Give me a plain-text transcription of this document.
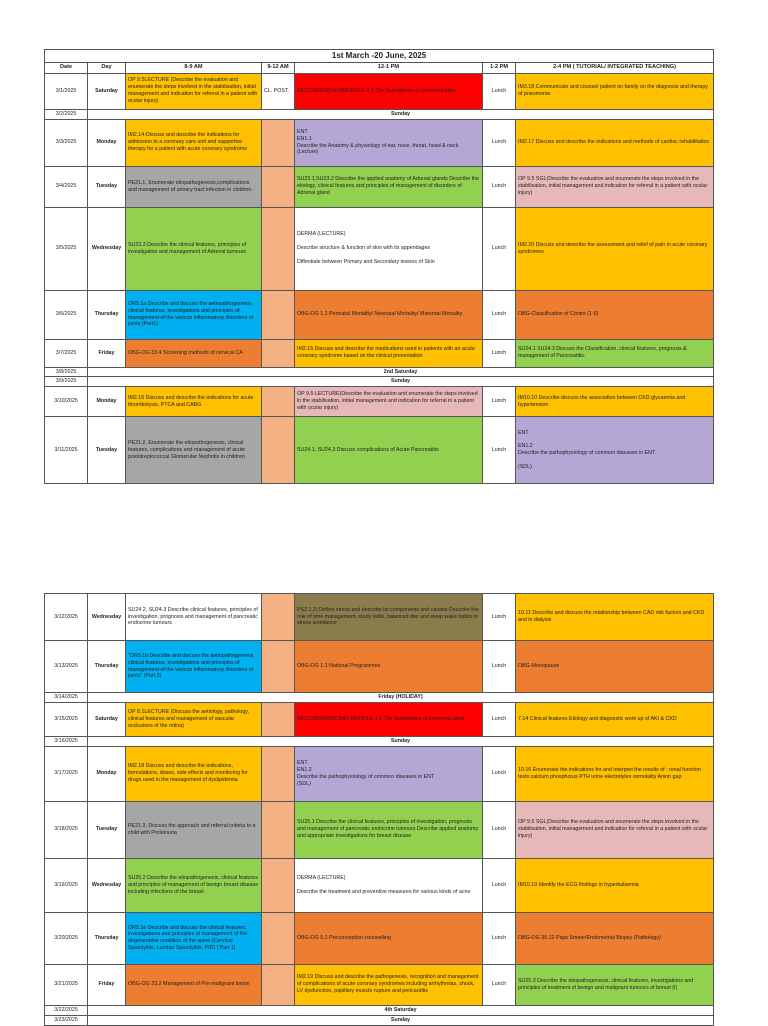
1st March -20 June, 2025						
Date	Day	8-9 AM	9-12 AM	12-1 PM	1-2 PM	2-4 PM ( TUTORIAL/ INTEGRATED TEACHING)
3/1/2025	Saturday	OP 9.5LECTURE (Describe the evaluation and enumerate the steps involved in the stabilisation, initial management and indication for referral in a patient with ocular injury)	CL. POST.	AETCOM(ORTHO)MODULE 4.1 The foundations of communication	Lunch	IM3.18 Communicate and counsel patient on family on the diagnosis and therapy of pneumonia
3/2/2025	Sunday					
3/3/2025	Monday	IM2.14-Discuss and describe the indications for admission to a coronary care unit and supportive therapy for a patient with acute coronary syndrome		ENT
EN1.1
Describe the Anatomy & physiology of ear, nose, throat, head & neck
(Lecture)	Lunch	IM2.17 Discuss and describe the indications and methods of cardiac rehabilitation
3/4/2025	Tuesday	PE21.1, Enumerate etiopathogenesis,complications and management of urinary tract infection in children.		SU23.1,SU23.2 Describe the applied anatomy of Adrenal glands Describe the etiology, clinical features and principles of management of disorders of Adrenal gland	Lunch	OP 9.5 SGL(Describe the evaluation and enumerate the steps involved in the stabilisation, initial management and indication for referral in a patient with ocular injury)
3/5/2025	Wednesday	SU23.3 Describe the clinical features, principles of investigation and management of Adrenal tumours		DERMA (LECTURE)

Describe structure & function of skin with its appendages

Diffentiate between Primary and Secondary lesions of Skin	Lunch	IM2.20 Discuss and describe the assessment and relief of pain in acute coronary syndromes
3/6/2025	Thursday	OR5.1a Describe and discuss the aetiopathogenesis, clinical features, investigations and principles of management of the various inflammatory disorders of joints (Part1)		OBG-OG 1.2 Perinatal Mortality/ Neonatal Mortality/ Maternal Mortality	Lunch	OBG-Classification of Contrs (1-5)
3/7/2025	Friday	OBG-OG 33.4 Screening methods of cervical CA		IM2.15 Discuss and describe the medications used in patients with an acute coronary syndrome based on the clinical presentation	Lunch	SU24.1 SU24.3 Discuss the Classification, clinical features, prognosis & management of Pancreatitis.
3/8/2025	2nd Saturday					
3/9/2025	Sunday					
3/10/2025	Monday	IM2.16 Discuss and describe the indications for acute thrombolysis, PTCA and CABG		OP 9.5 LECTURE(Describe the evaluation and enumerate the steps involved in the stabilisation, initial management and indication for referral in a patient with ocular injury)	Lunch	IM10.10 Describe discuss the association between CKD glycaemia and hypertension
3/11/2025	Tuesday	PE21.2, Enumerate the etiopathogenesis, clinical features, complications and management of acute poststreptococcal Glomerular Nephritis in children		SU24.1, SU24.3 Discuss complications of Acute Pancreatitis	Lunch	ENT

EN1.2
Describe the pathophysiology of common diseases in ENT

(SDL)
3/12/2025	Wednesday	SU24.2, SU24.3 Describe clinical features, principles of investigation, prognosis and management of pancreatic endocrine tumours		PS2.1,2) Define stress and describe its components and causes Describe the role of time management, study skills, balanced diet and sleep wake habits in stress avoidance	Lunch	10.11 Describe and discuss the relationship between CAD risk factors and CKD and in dialysis
3/13/2025	Thursday	"OR5.1b Describe and discuss the aetiopathogenesis, clinical features, investigations and principles of management of the various inflammatory disorders of joints" (Part 2)		OBG-OG 1.1 National Programmes	Lunch	OBG-Menopause
3/14/2025	Friday (HOLIDAY)					
3/15/2025	Saturday	OP 8.1LECTURE (Discuss the aetiology, pathology, clinical features and management of vascular occlusions of the retina)		AETCOM(MEDICINE) MODULE 4.1 The foundations of communication	Lunch	7.14 Clinical features Etiology and diagnostic work up of AKI & CKD
3/16/2025	Sunday					
3/17/2025	Monday	IM2.18 Discuss and describe the indications, formulations, doses, side effects and monitoring for drugs used in the management of dyslipidemia		ENT
EN1.2
Describe the pathophysiology of common diseases in ENT
(SDL)	Lunch	10.16 Enumerate the indications for and interpret the results of : renal function tests calcium phosphorus PTH urine electrolytes osmolality Anion gap
3/18/2025	Tuesday	PE21.3, Discuss the approach and referral criteria to a child with Proteinuria		SU25.1 Describe the clinical features, principles of investigation, prognosis and management of pancreatic endocrine tumours Describe applied anatomy and appropriate investigations for breast disease	Lunch	OP 9.5 SGL(Describe the evaluation and enumerate the steps involved in the stabilisation, initial management and indication for referral in a patient with ocular injury)
3/19/2025	Wednesday	SU25.2 Describe the etiopathogenesis, clinical features and principles of management of benign breast disease including infections of the breast		DERMA (LECTURE)

Describe the treatment and preventive measures for various kinds of acne	Lunch	IM10.19 Identify the ECG findings in hyperkalaemia
3/20/2025	Thursday	OR5.1e Describe and discuss the clinical features, investigations and principles of management of the degenerative condition of the spine (Cervical Spondylitis, Lumbar Spondylitis, PID) [ Part 1]		OBG-OG 5.1 Preconception counselling	Lunch	OBG-OG 35.12 Paps Smear/Endometrial Biopsy (Pathology)
3/21/2025	Friday	OBG-OG 33.2 Management of Pre-malignant lesion		IM2.19 Discuss and describe the pathogenesis, recognition and management of complications of acute coronary syndromes including arrhythmias, shock, LV dysfunction, papillary muscle rupture and pericarditis	Lunch	SU25.3 Describe the etiopathogenesis, clinical features, investigations and principles of treatment of benign and malignant tumours of breast (I)
3/22/2025	4th Saturday					
3/23/2025	Sunday					
